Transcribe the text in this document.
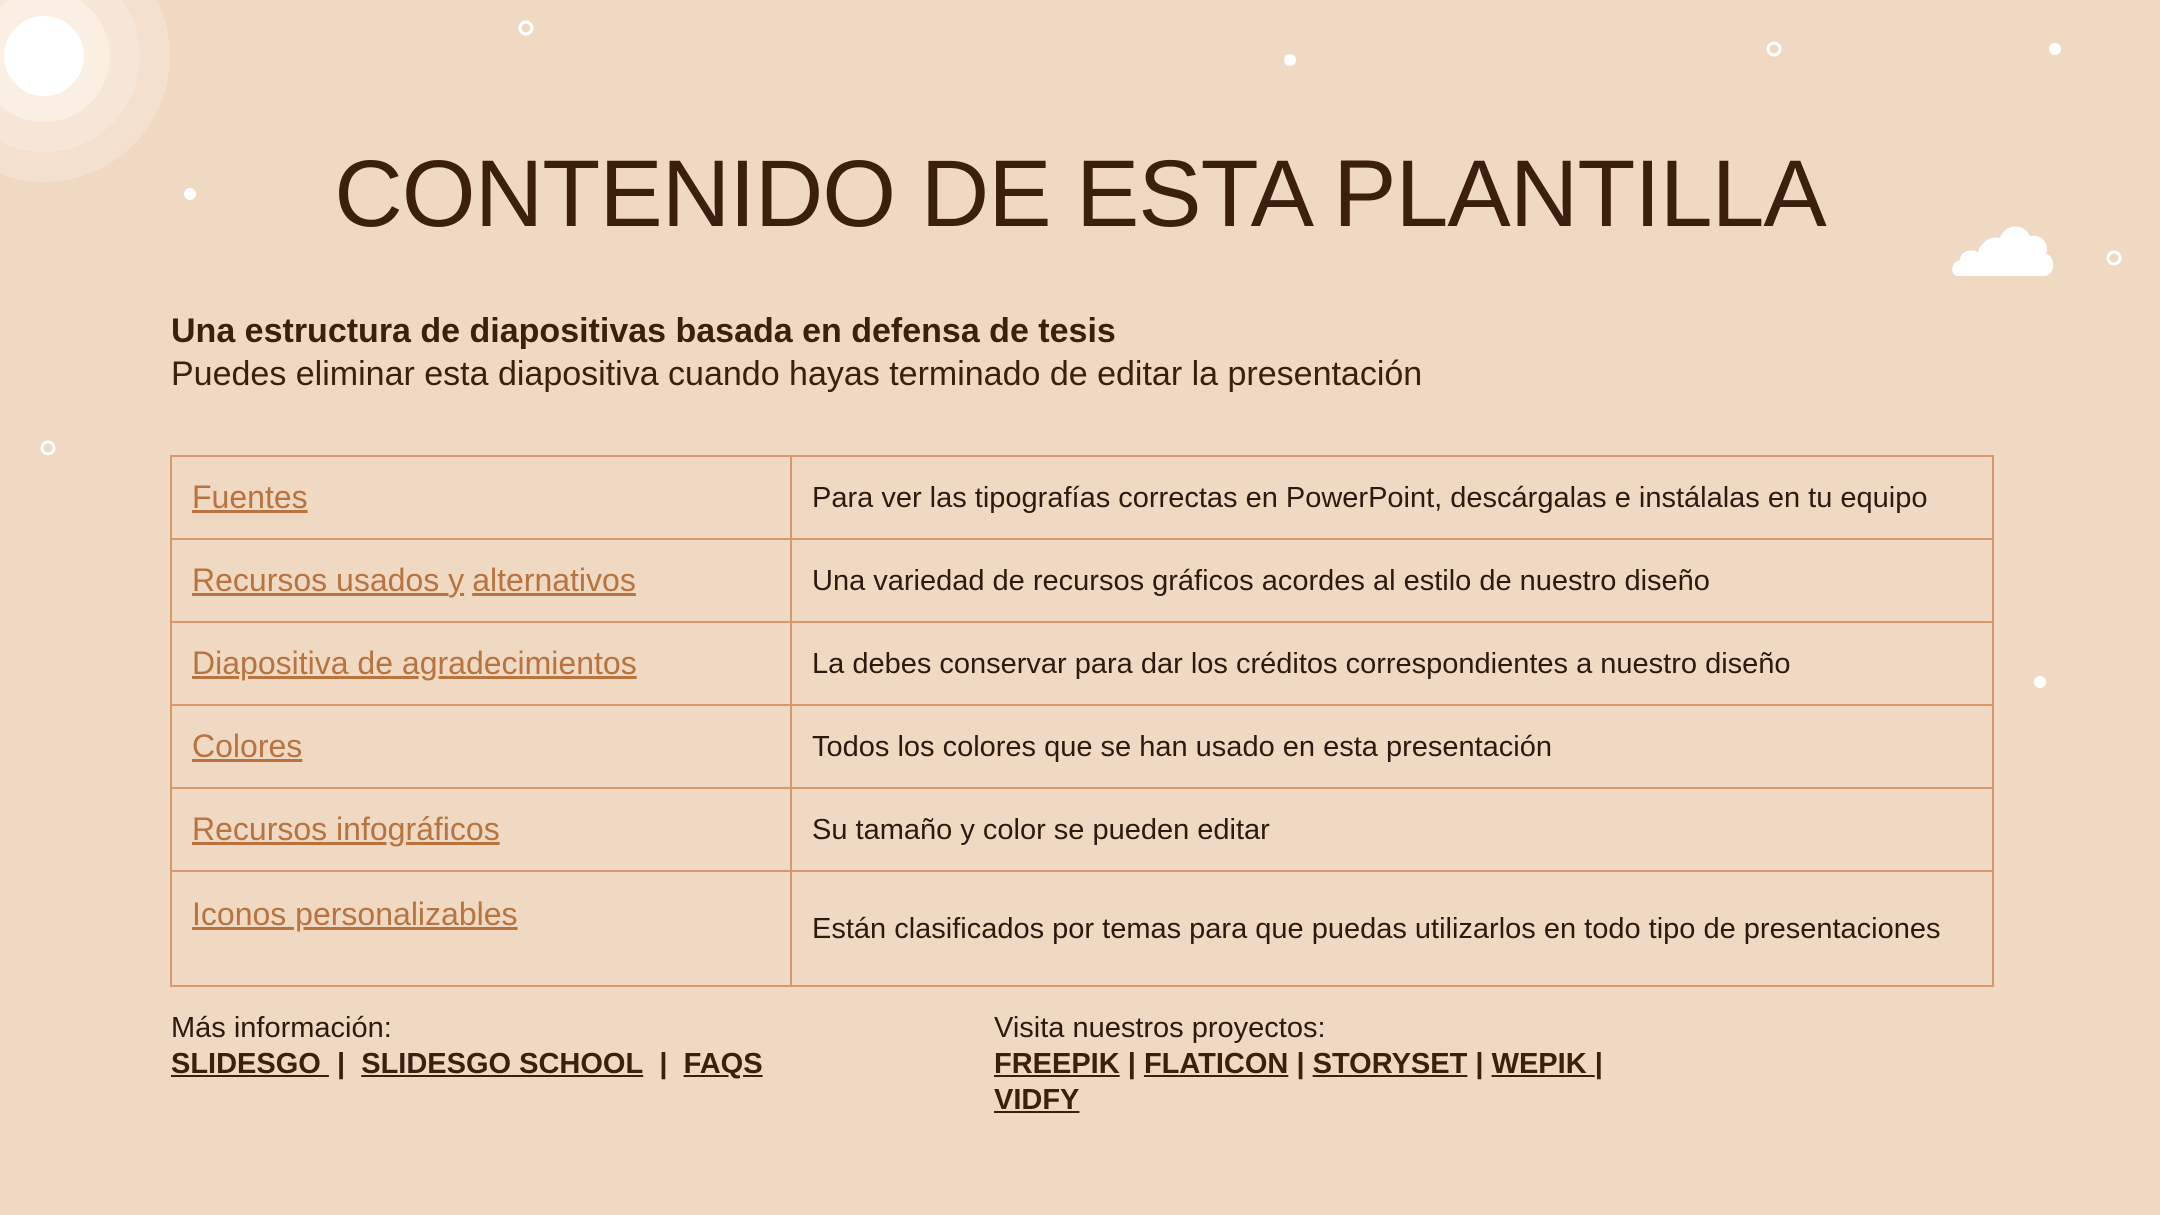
CONTENIDO DE ESTA PLANTILLA
Una estructura de diapositivas basada en defensa de tesis
Puedes eliminar esta diapositiva cuando hayas terminado de editar la presentación
Fuentes	Para ver las tipografías correctas en PowerPoint, descárgalas e instálalas en tu equipo
Recursos usados y alternativos	Una variedad de recursos gráficos acordes al estilo de nuestro diseño
Diapositiva de agradecimientos	La debes conservar para dar los créditos correspondientes a nuestro diseño
Colores	Todos los colores que se han usado en esta presentación
Recursos infográficos	Su tamaño y color se pueden editar
Iconos personalizables	Están clasificados por temas para que puedas utilizarlos en todo tipo de presentaciones
Más información:
SLIDESGO  | SLIDESGO SCHOOL | FAQS
Visita nuestros proyectos:
FREEPIK | FLATICON | STORYSET | WEPIK |
VIDFY
